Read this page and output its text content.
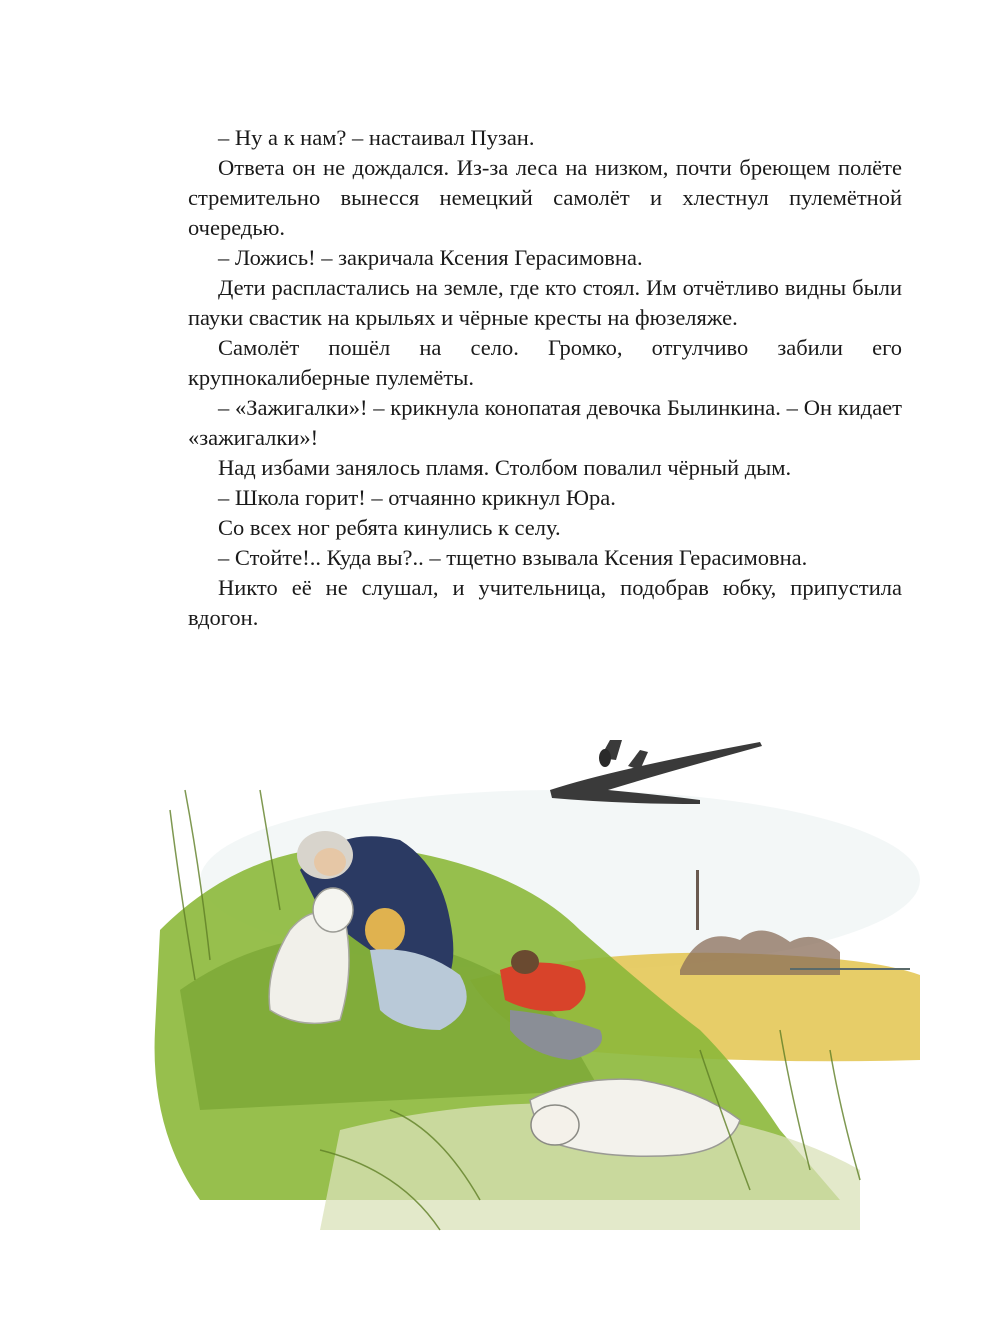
– Ну а к нам? – настаивал Пузан.

Ответа он не дождался. Из-за леса на низком, почти бреющем полёте стремительно вынесся немецкий самолёт и хлестнул пулемётной очередью.

– Ложись! – закричала Ксения Герасимовна.

Дети распластались на земле, где кто стоял. Им отчётливо видны были пауки свастик на крыльях и чёрные кресты на фюзеляже.

Самолёт пошёл на село. Громко, отгулчиво забили его крупнокалиберные пулемёты.

– «Зажигалки»! – крикнула конопатая девочка Былинкина. – Он кидает «зажигалки»!

Над избами занялось пламя. Столбом повалил чёрный дым.

– Школа горит! – отчаянно крикнул Юра.

Со всех ног ребята кинулись к селу.

– Стойте!.. Куда вы?.. – тщетно взывала Ксения Герасимовна.

Никто её не слушал, и учительница, подобрав юбку, припустила вдогон.
